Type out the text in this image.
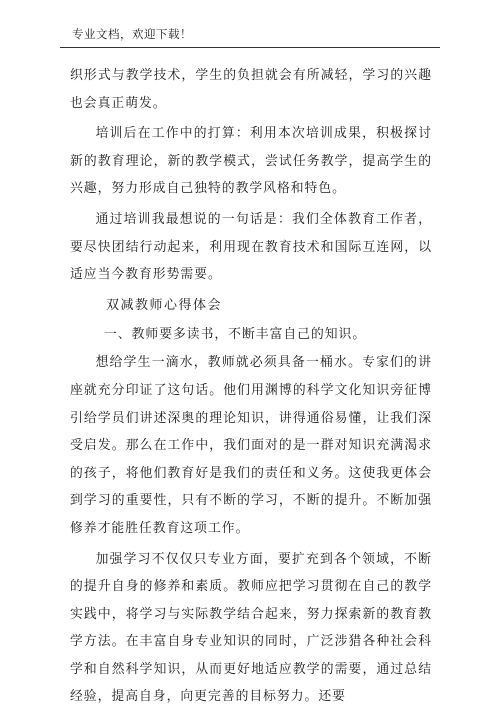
专业文档，欢迎下载！

织形式与教学技术，学生的负担就会有所减轻，学习的兴趣也会真正萌发。

培训后在工作中的打算：利用本次培训成果，积极探讨新的教育理论，新的教学模式，尝试任务教学，提高学生的兴趣，努力形成自己独特的教学风格和特色。

通过培训我最想说的一句话是：我们全体教育工作者，要尽快团结行动起来，利用现在教育技术和国际互连网，以适应当今教育形势需要。

双减教师心得体会

一、教师要多读书，不断丰富自己的知识。

想给学生一滴水，教师就必须具备一桶水。专家们的讲座就充分印证了这句话。他们用渊博的科学文化知识旁征博引给学员们讲述深奥的理论知识，讲得通俗易懂，让我们深受启发。那么在工作中，我们面对的是一群对知识充满渴求的孩子，将他们教育好是我们的责任和义务。这使我更体会到学习的重要性，只有不断的学习，不断的提升。不断加强修养才能胜任教育这项工作。

加强学习不仅仅只专业方面，要扩充到各个领域，不断的提升自身的修养和素质。教师应把学习贯彻在自己的教学实践中，将学习与实际教学结合起来，努力探索新的教育教学方法。在丰富自身专业知识的同时，广泛涉猎各种社会科学和自然科学知识，从而更好地适应教学的需要，通过总结经验，提高自身，向更完善的目标努力。还要
